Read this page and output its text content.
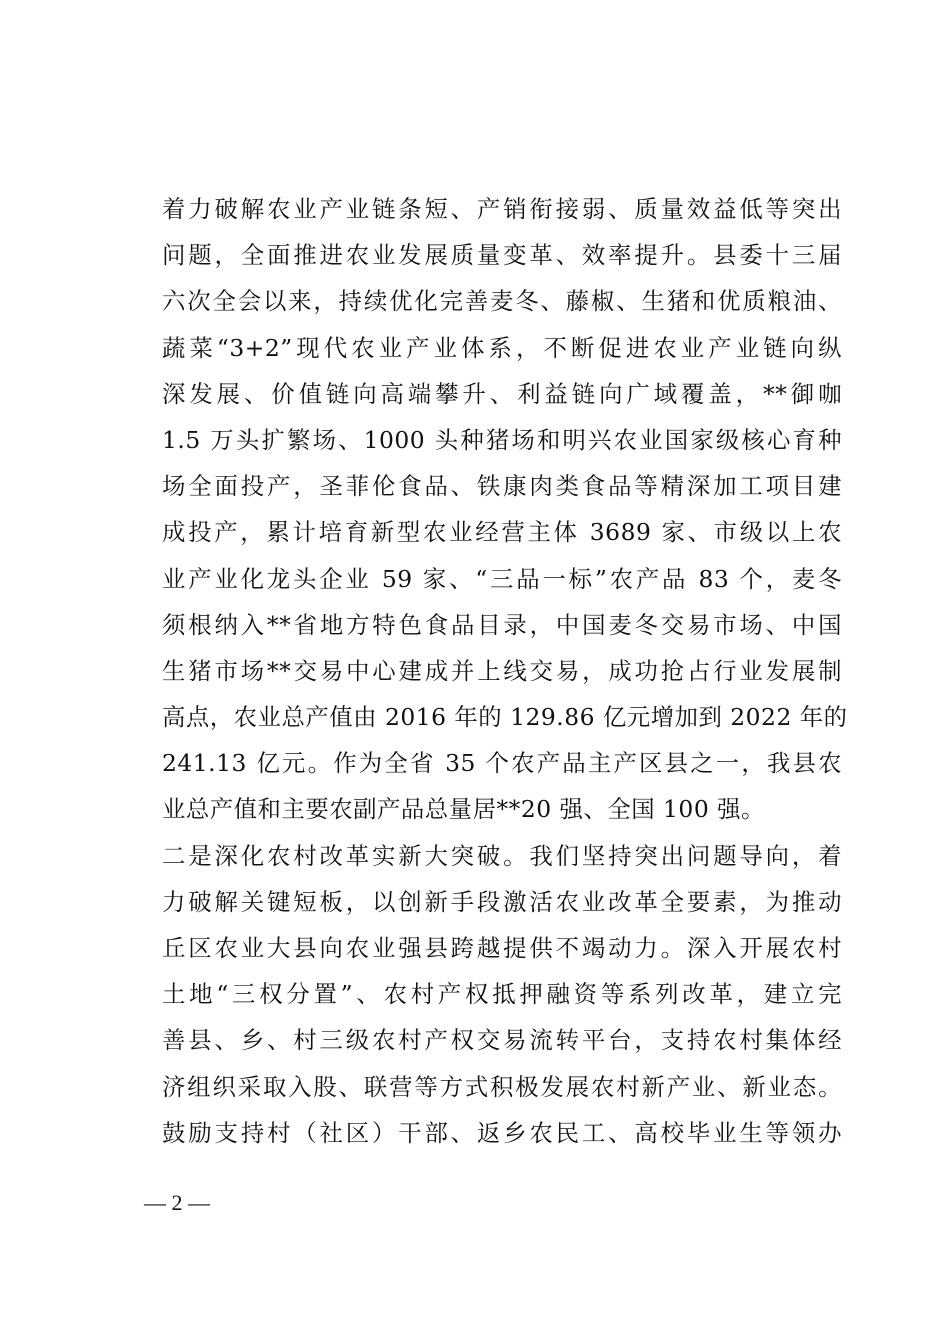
着力破解农业产业链条短、产销衔接弱、质量效益低等突出
问题，全面推进农业发展质量变革、效率提升。县委十三届
六次全会以来，持续优化完善麦冬、藤椒、生猪和优质粮油、
蔬菜“3+2”现代农业产业体系，不断促进农业产业链向纵
深发展、价值链向高端攀升、利益链向广域覆盖，**御咖
1.5 万头扩繁场、1000 头种猪场和明兴农业国家级核心育种
场全面投产，圣菲伦食品、铁康肉类食品等精深加工项目建
成投产，累计培育新型农业经营主体 3689 家、市级以上农
业产业化龙头企业 59 家、“三品一标”农产品 83 个，麦冬
须根纳入**省地方特色食品目录，中国麦冬交易市场、中国
生猪市场**交易中心建成并上线交易，成功抢占行业发展制
高点，农业总产值由 2016 年的 129.86 亿元增加到 2022 年的
241.13 亿元。作为全省 35 个农产品主产区县之一，我县农
业总产值和主要农副产品总量居**20 强、全国 100 强。
二是深化农村改革实新大突破。我们坚持突出问题导向，着
力破解关键短板，以创新手段激活农业改革全要素，为推动
丘区农业大县向农业强县跨越提供不竭动力。深入开展农村
土地“三权分置”、农村产权抵押融资等系列改革，建立完
善县、乡、村三级农村产权交易流转平台，支持农村集体经
济组织采取入股、联营等方式积极发展农村新产业、新业态。
鼓励支持村（社区）干部、返乡农民工、高校毕业生等领办
— 2 —
